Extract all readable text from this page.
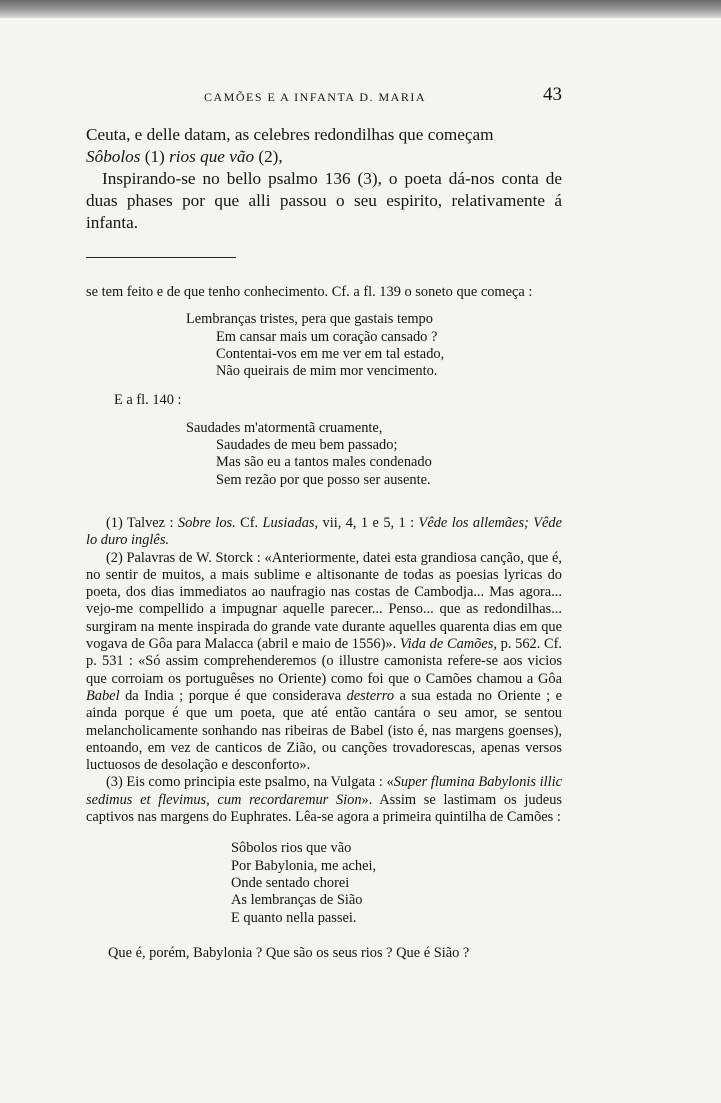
CAMÕES E A INFANTA D. MARIA	43

Ceuta, e delle datam, as celebres redondilhas que começam
Sôbolos (1) rios que vão (2),

Inspirando-se no bello psalmo 136 (3), o poeta dá-nos conta de duas phases por que alli passou o seu espirito, relativamente á infanta.

se tem feito e de que tenho conhecimento. Cf. a fl. 139 o soneto que começa :

Lembranças tristes, pera que gastais tempo
Em cansar mais um coração cansado ?
Contentai-vos em me ver em tal estado,
Não queirais de mim mor vencimento.
E a fl. 140 :
Saudades m'atormentã cruamente,
Saudades de meu bem passado;
Mas são eu a tantos males condenado
Sem rezão por que posso ser ausente.

(1) Talvez : Sobre los. Cf. Lusiadas, vii, 4, 1 e 5, 1 : Vêde los allemães; Vêde lo duro inglês.

(2) Palavras de W. Storck : «Anteriormente, datei esta grandiosa canção, que é, no sentir de muitos, a mais sublime e altisonante de todas as poesias lyricas do poeta, dos dias immediatos ao naufragio nas costas de Cambodja... Mas agora... vejo-me compellido a impugnar aquelle parecer... Penso... que as redondilhas... surgiram na mente inspirada do grande vate durante aquelles quarenta dias em que vogava de Gôa para Malacca (abril e maio de 1556)». Vida de Camões, p. 562. Cf. p. 531 : «Só assim comprehenderemos (o illustre camonista refere-se aos vicios que corroiam os portuguêses no Oriente) como foi que o Camões chamou a Gôa Babel da India ; porque é que considerava desterro a sua estada no Oriente ; e ainda porque é que um poeta, que até então cantára o seu amor, se sentou melancholicamente sonhando nas ribeiras de Babel (isto é, nas margens goenses), entoando, em vez de canticos de Zião, ou canções trovadorescas, apenas versos luctuosos de desolação e desconforto».

(3) Eis como principia este psalmo, na Vulgata : «Super flumina Babylonis illic sedimus et flevimus, cum recordaremur Sion». Assim se lastimam os judeus captivos nas margens do Euphrates. Lêa-se agora a primeira quintilha de Camões :

Sôbolos rios que vão
Por Babylonia, me achei,
Onde sentado chorei
As lembranças de Sião
E quanto nella passei.
Que é, porém, Babylonia ? Que são os seus rios ? Que é Sião ?
